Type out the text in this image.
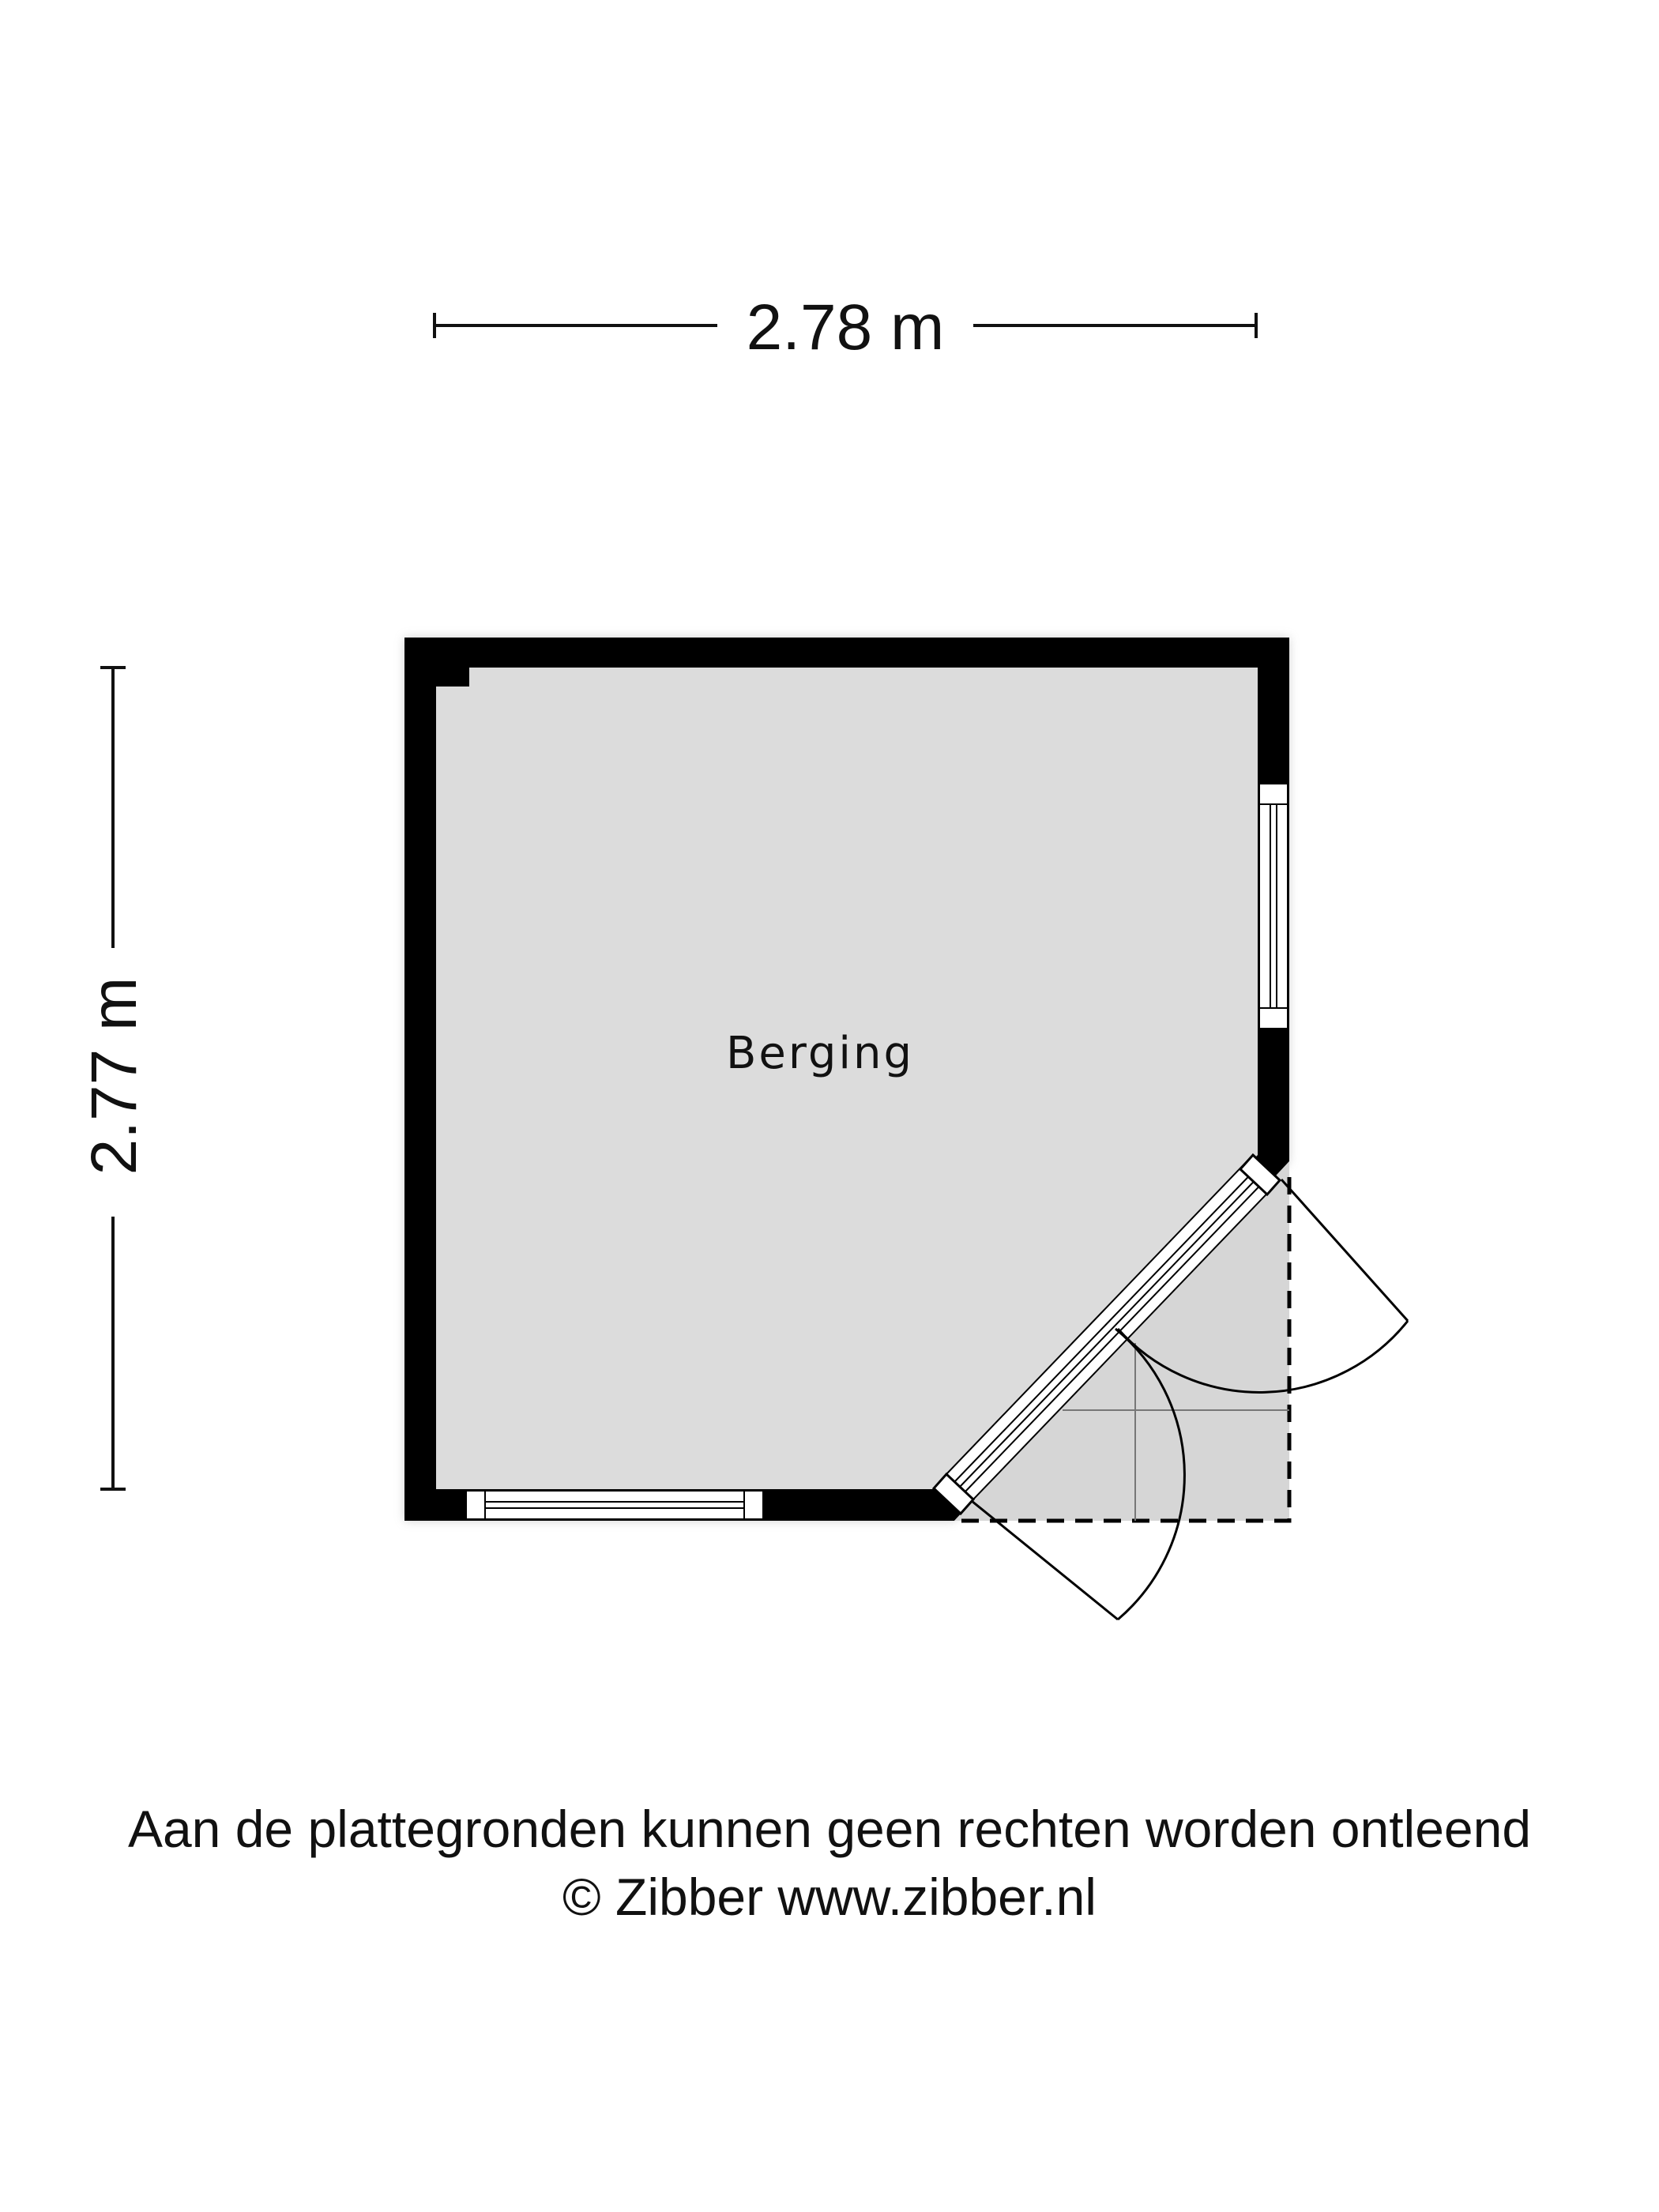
2.78 m
2.77 m	Berging
Aan de plattegronden kunnen geen rechten worden ontleend
© Zibber www.zibber.nl
